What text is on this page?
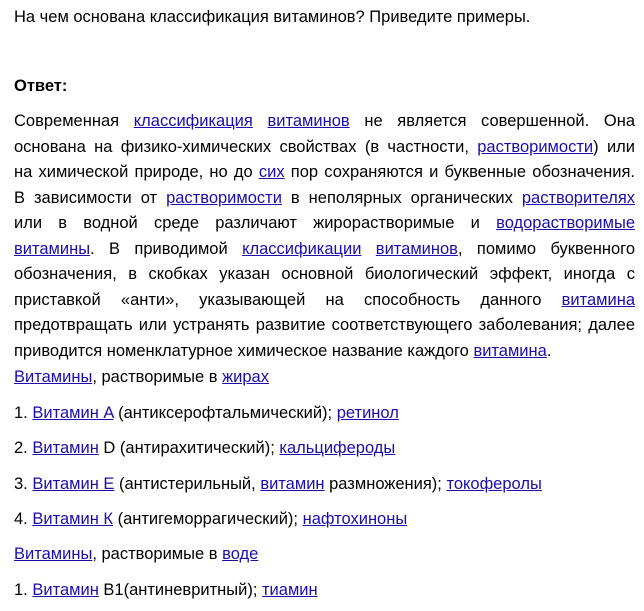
На чем основана классификация витаминов? Приведите примеры.
Ответ:
Современная классификация витаминов не является совершенной. Она
основана на физико-химических свойствах (в частности, растворимости) или
на химической природе, но до сих пор сохраняются и буквенные обозначения.
В зависимости от растворимости в неполярных органических растворителях
или в водной среде различают жирорастворимые и водорастворимые
витамины. В приводимой классификации витаминов, помимо буквенного
обозначения, в скобках указан основной биологический эффект, иногда с
приставкой «анти», указывающей на способность данного витамина
предотвращать или устранять развитие соответствующего заболевания; далее
приводится номенклатурное химическое название каждого витамина.
Витамины, растворимые в жирах
1. Витамин A (антиксерофтальмический); ретинол
2. Витамин D (антирахитический); кальцифероды
3. Витамин E (антистерильный, витамин размножения); токоферолы
4. Витамин К (антигеморрагический); нафтохиноны
Витамины, растворимые в воде
1. Витамин B1(антиневритный); тиамин
